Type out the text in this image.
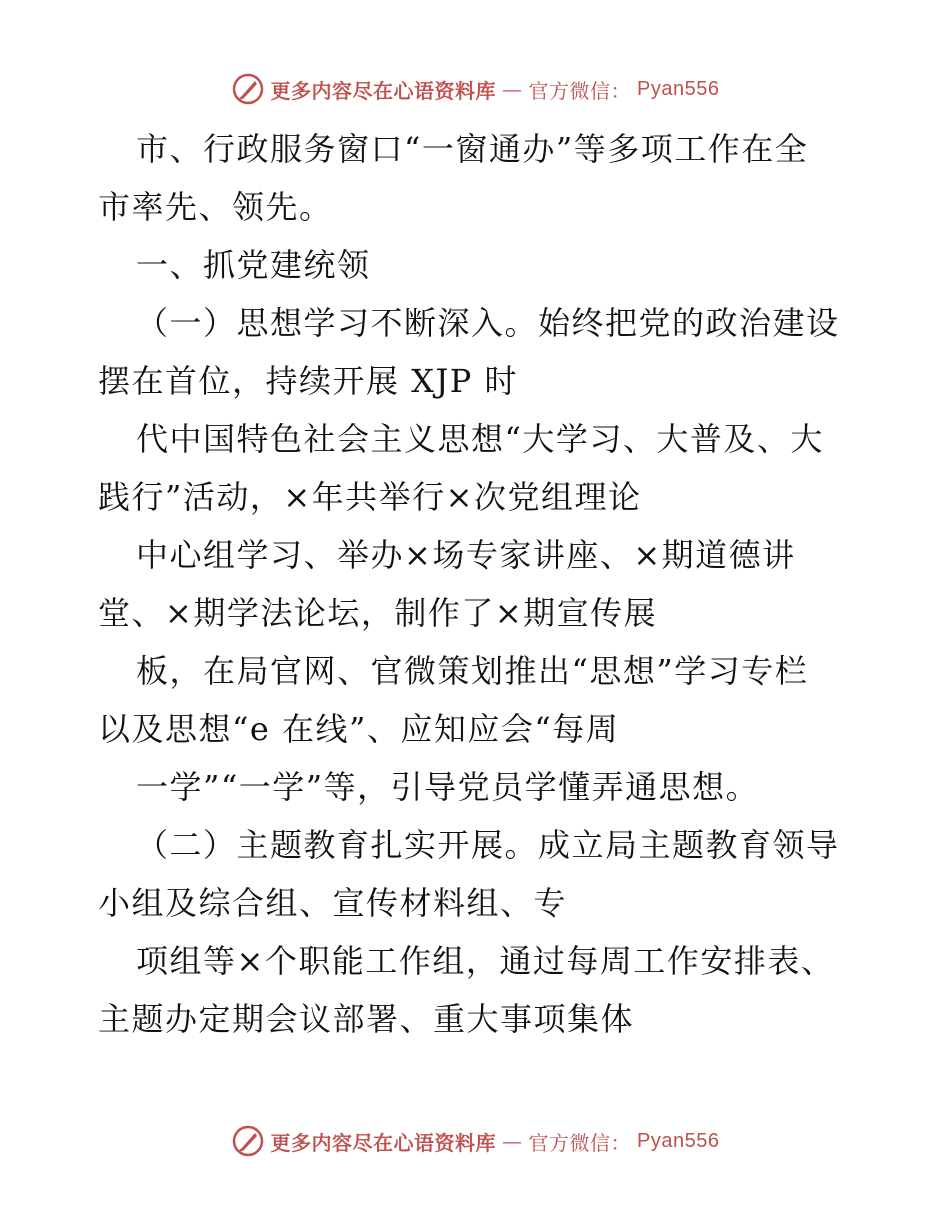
更多内容尽在心语资料库 — 官方微信： Pyan556

市、行政服务窗口“一窗通办”等多项工作在全

市率先、领先。

一、抓党建统领

（一）思想学习不断深入。始终把党的政治建设

摆在首位，持续开展 XJP 时

代中国特色社会主义思想“大学习、大普及、大

践行”活动，×年共举行×次党组理论

中心组学习、举办×场专家讲座、×期道德讲

堂、×期学法论坛，制作了×期宣传展

板，在局官网、官微策划推出“思想”学习专栏

以及思想“e 在线”、应知应会“每周

一学”“一学”等，引导党员学懂弄通思想。

（二）主题教育扎实开展。成立局主题教育领导

小组及综合组、宣传材料组、专

项组等×个职能工作组，通过每周工作安排表、

主题办定期会议部署、重大事项集体

更多内容尽在心语资料库 — 官方微信： Pyan556
